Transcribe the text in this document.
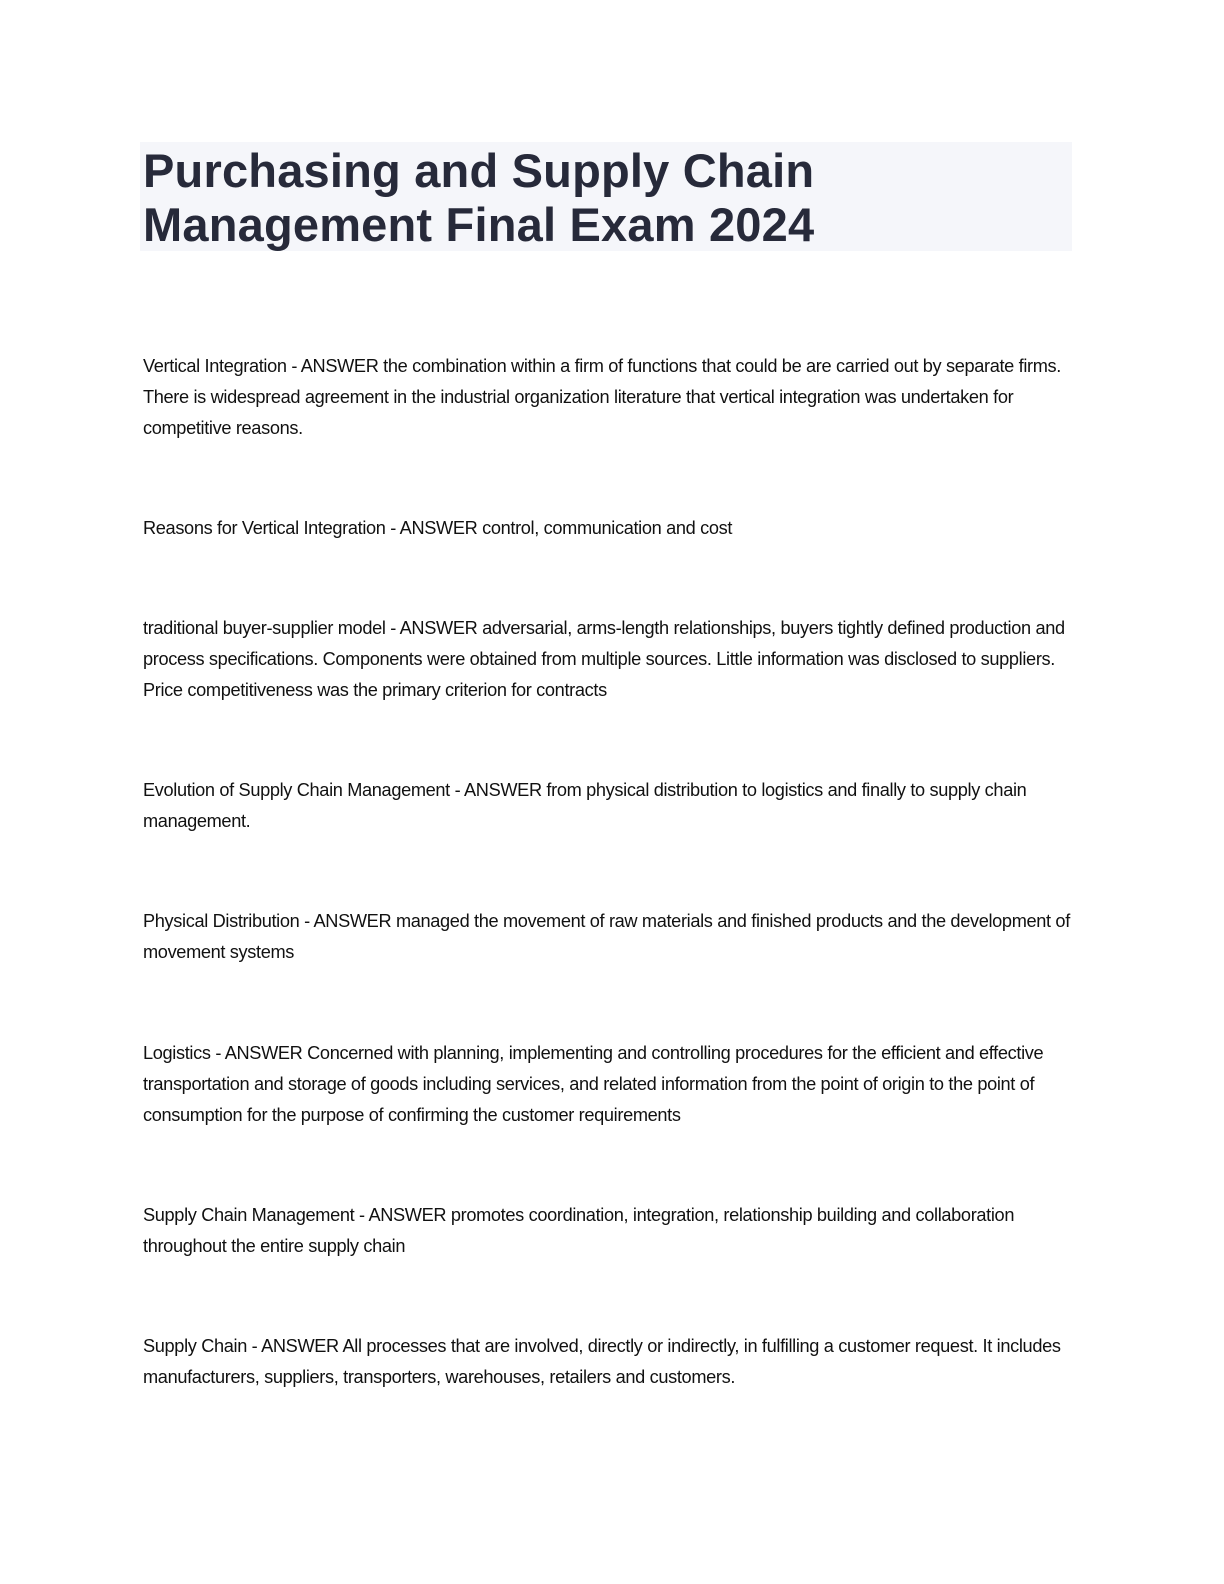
Purchasing and Supply Chain Management Final Exam 2024

Vertical Integration - ANSWER the combination within a firm of functions that could be are carried out by separate firms. There is widespread agreement in the industrial organization literature that vertical integration was undertaken for competitive reasons.

Reasons for Vertical Integration - ANSWER control, communication and cost

traditional buyer-supplier model - ANSWER adversarial, arms-length relationships, buyers tightly defined production and process specifications. Components were obtained from multiple sources. Little information was disclosed to suppliers. Price competitiveness was the primary criterion for contracts

Evolution of Supply Chain Management - ANSWER from physical distribution to logistics and finally to supply chain management.

Physical Distribution - ANSWER managed the movement of raw materials and finished products and the development of movement systems

Logistics - ANSWER Concerned with planning, implementing and controlling procedures for the efficient and effective transportation and storage of goods including services, and related information from the point of origin to the point of consumption for the purpose of confirming the customer requirements

Supply Chain Management - ANSWER promotes coordination, integration, relationship building and collaboration throughout the entire supply chain

Supply Chain - ANSWER All processes that are involved, directly or indirectly, in fulfilling a customer request. It includes manufacturers, suppliers, transporters, warehouses, retailers and customers.
